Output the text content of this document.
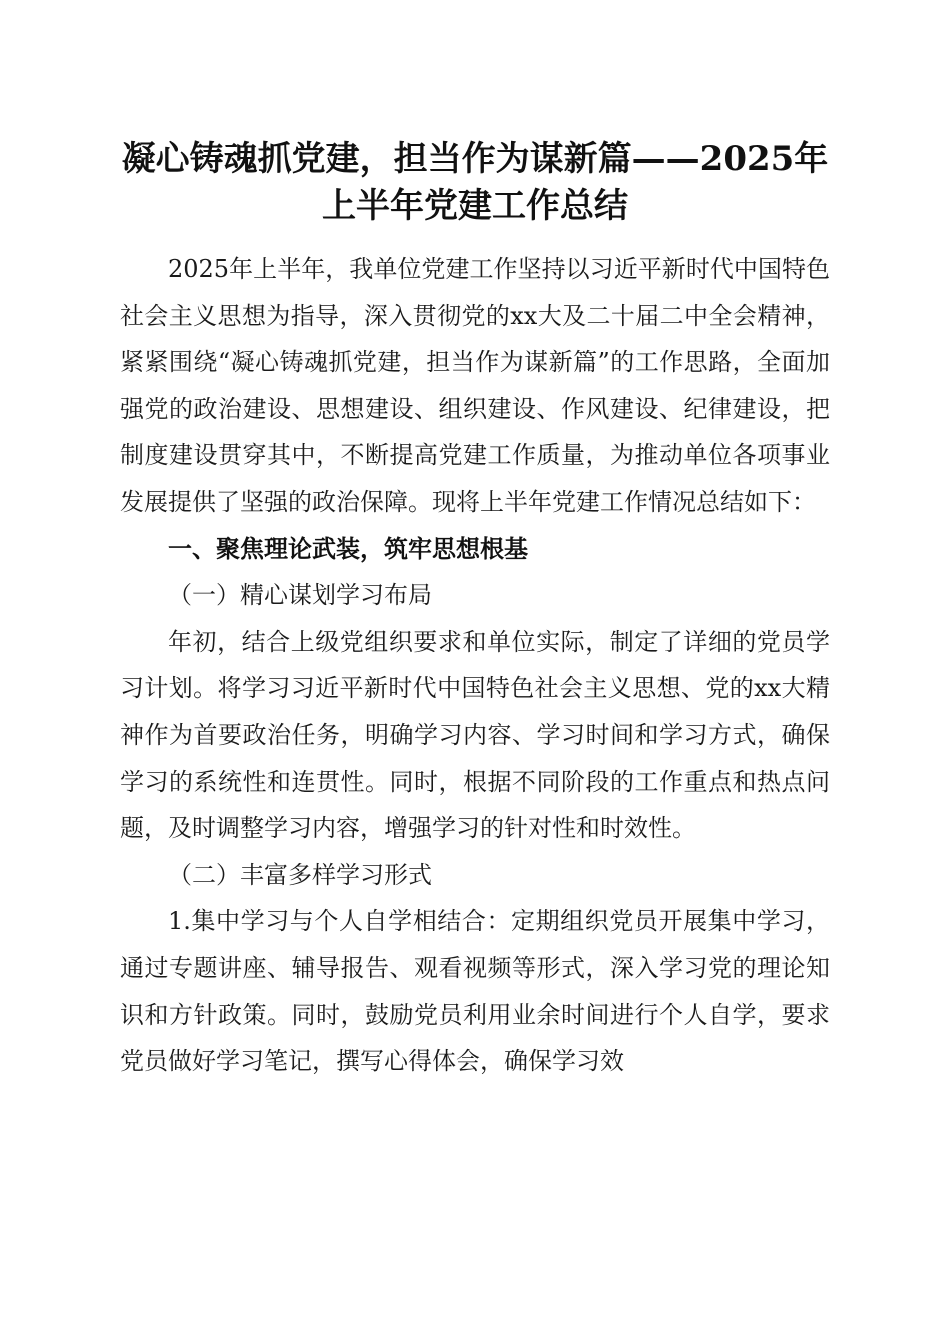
凝心铸魂抓党建，担当作为谋新篇——2025年上半年党建工作总结

2025年上半年，我单位党建工作坚持以习近平新时代中国特色社会主义思想为指导，深入贯彻党的xx大及二十届二中全会精神，紧紧围绕“凝心铸魂抓党建，担当作为谋新篇”的工作思路，全面加强党的政治建设、思想建设、组织建设、作风建设、纪律建设，把制度建设贯穿其中，不断提高党建工作质量，为推动单位各项事业发展提供了坚强的政治保障。现将上半年党建工作情况总结如下：

一、聚焦理论武装，筑牢思想根基
（一）精心谋划学习布局

年初，结合上级党组织要求和单位实际，制定了详细的党员学习计划。将学习习近平新时代中国特色社会主义思想、党的xx大精神作为首要政治任务，明确学习内容、学习时间和学习方式，确保学习的系统性和连贯性。同时，根据不同阶段的工作重点和热点问题，及时调整学习内容，增强学习的针对性和时效性。

（二）丰富多样学习形式

1.集中学习与个人自学相结合：定期组织党员开展集中学习，通过专题讲座、辅导报告、观看视频等形式，深入学习党的理论知识和方针政策。同时，鼓励党员利用业余时间进行个人自学，要求党员做好学习笔记，撰写心得体会，确保学习效
